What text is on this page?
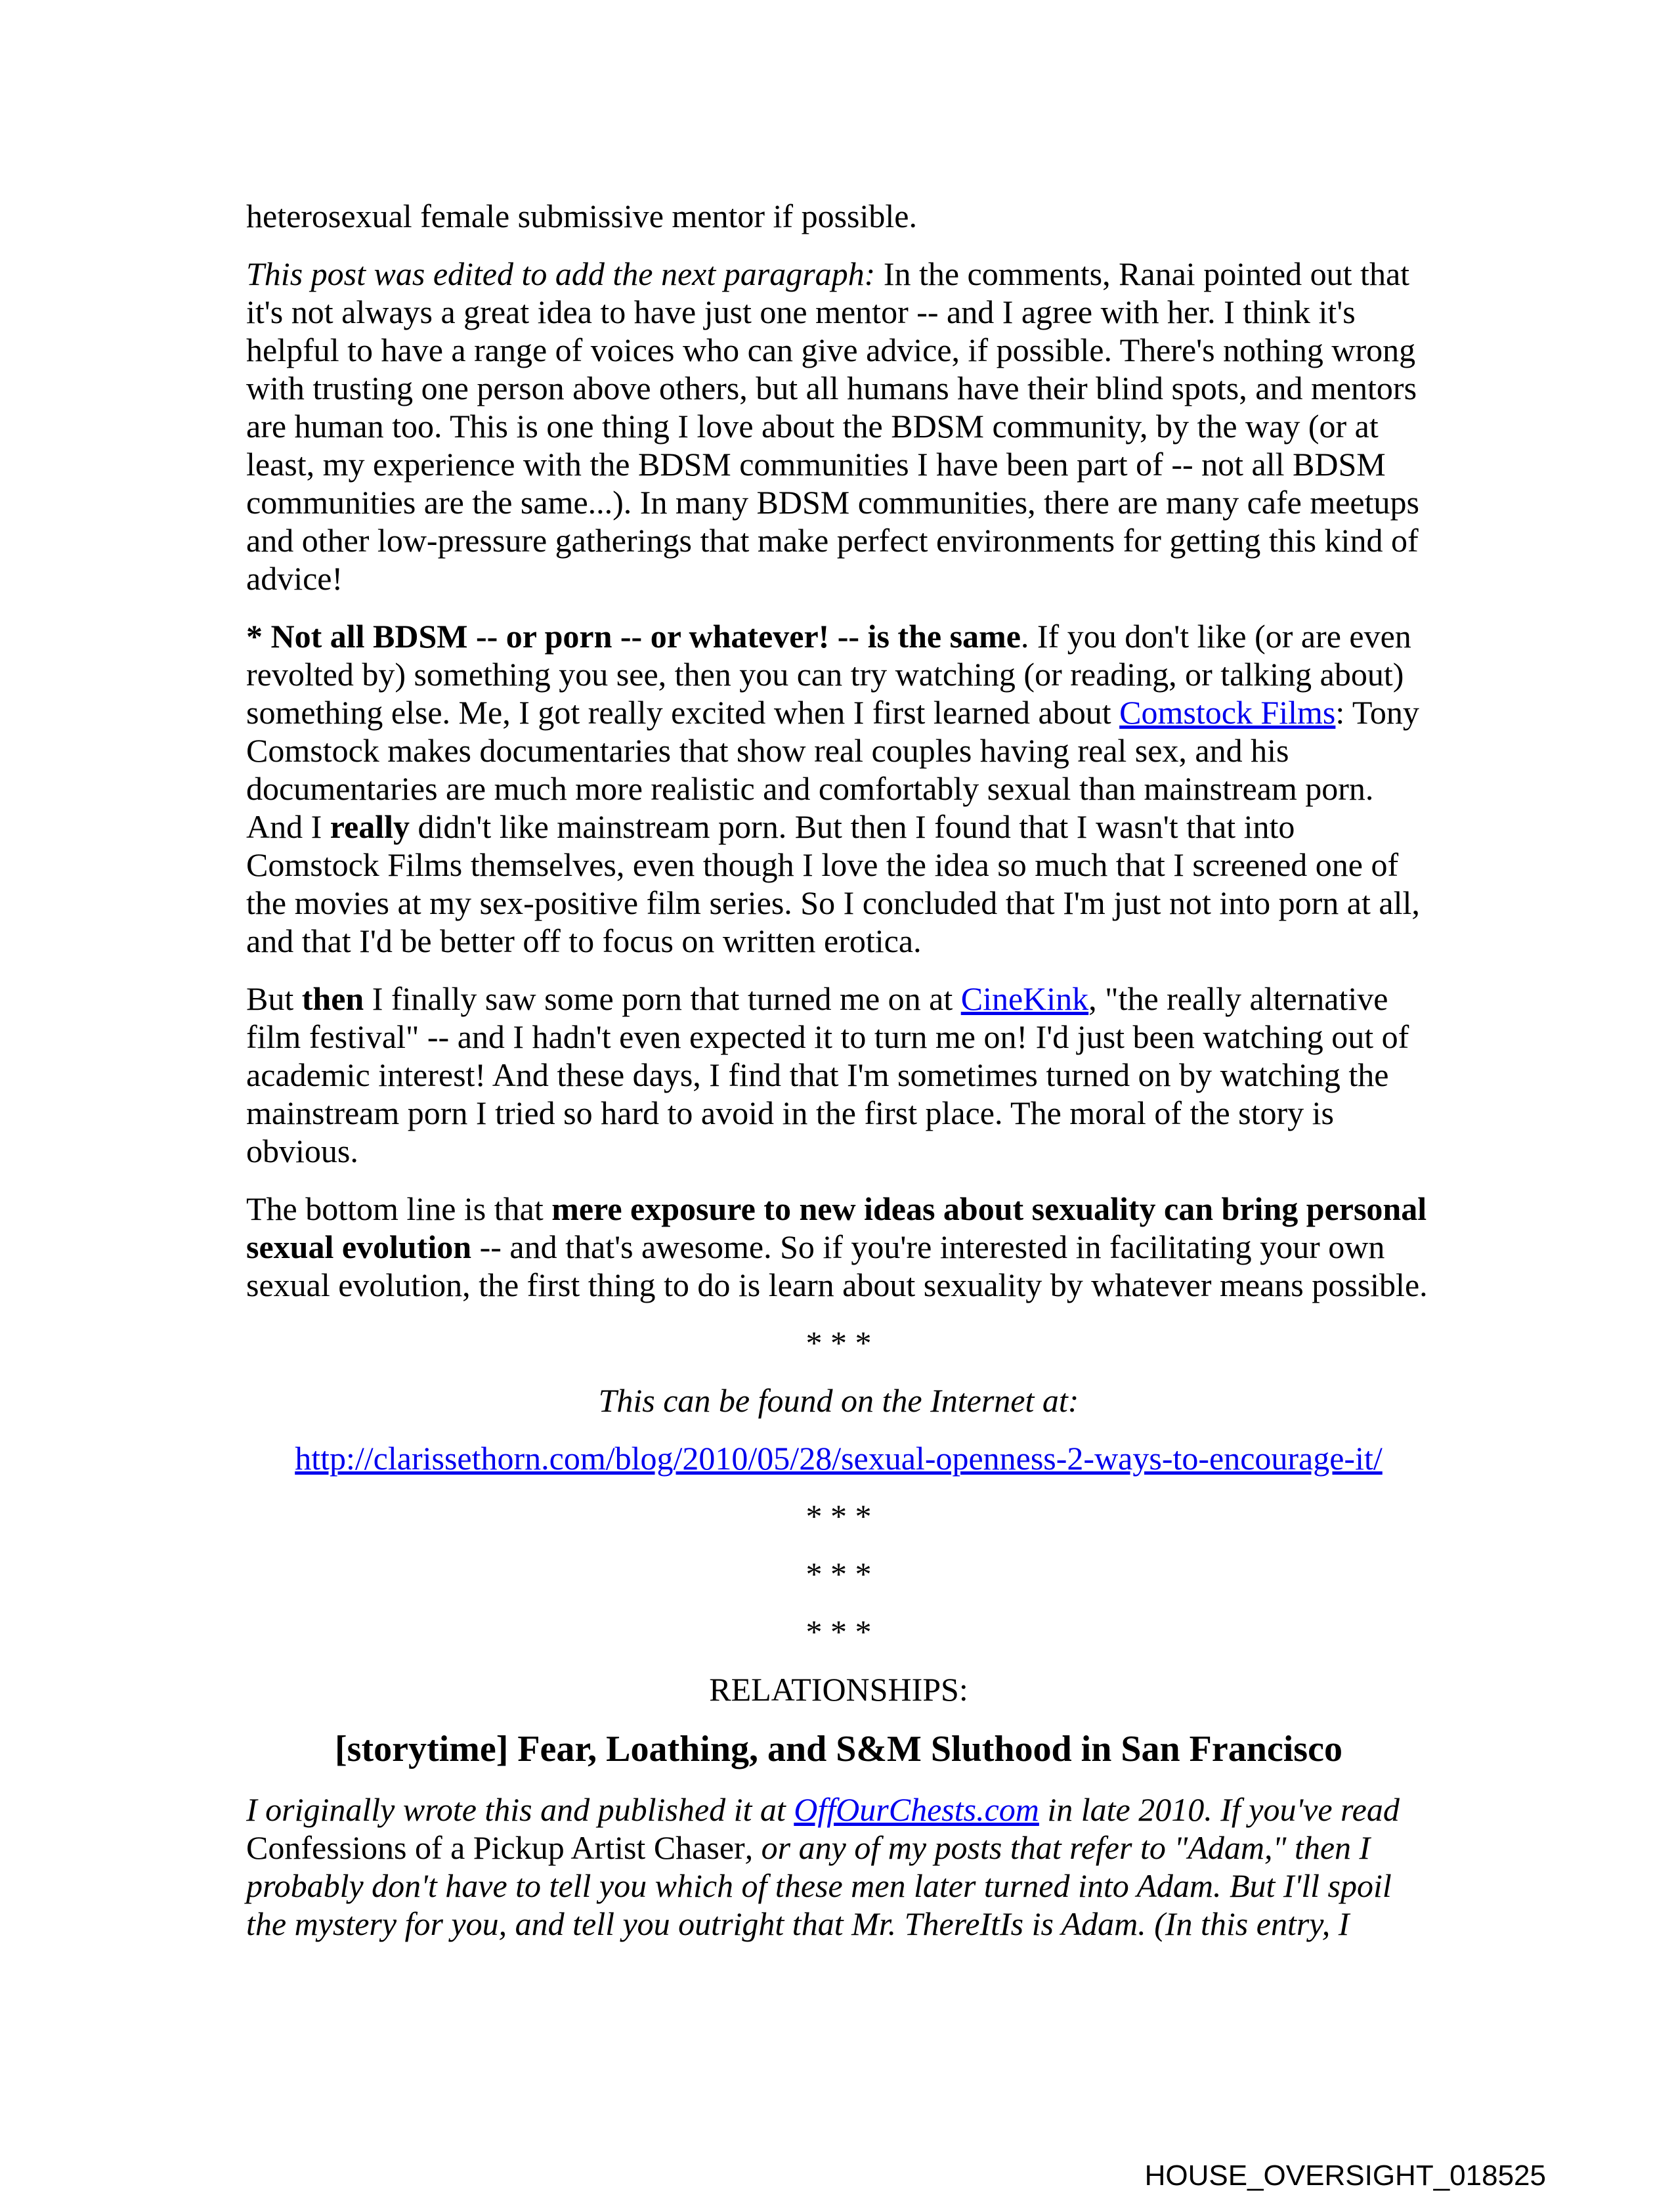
heterosexual female submissive mentor if possible.

This post was edited to add the next paragraph: In the comments, Ranai pointed out that it's not always a great idea to have just one mentor -- and I agree with her. I think it's helpful to have a range of voices who can give advice, if possible. There's nothing wrong with trusting one person above others, but all humans have their blind spots, and mentors are human too. This is one thing I love about the BDSM community, by the way (or at least, my experience with the BDSM communities I have been part of -- not all BDSM communities are the same...). In many BDSM communities, there are many cafe meetups and other low-pressure gatherings that make perfect environments for getting this kind of advice!

* Not all BDSM -- or porn -- or whatever! -- is the same. If you don't like (or are even revolted by) something you see, then you can try watching (or reading, or talking about) something else. Me, I got really excited when I first learned about Comstock Films: Tony Comstock makes documentaries that show real couples having real sex, and his documentaries are much more realistic and comfortably sexual than mainstream porn. And I really didn't like mainstream porn. But then I found that I wasn't that into Comstock Films themselves, even though I love the idea so much that I screened one of the movies at my sex-positive film series. So I concluded that I'm just not into porn at all, and that I'd be better off to focus on written erotica.

But then I finally saw some porn that turned me on at CineKink, "the really alternative film festival" -- and I hadn't even expected it to turn me on! I'd just been watching out of academic interest! And these days, I find that I'm sometimes turned on by watching the mainstream porn I tried so hard to avoid in the first place. The moral of the story is obvious.

The bottom line is that mere exposure to new ideas about sexuality can bring personal sexual evolution -- and that's awesome. So if you're interested in facilitating your own sexual evolution, the first thing to do is learn about sexuality by whatever means possible.

* * *

This can be found on the Internet at:

http://clarissethorn.com/blog/2010/05/28/sexual-openness-2-ways-to-encourage-it/

* * *

* * *

* * *

RELATIONSHIPS:

[storytime] Fear, Loathing, and S&M Sluthood in San Francisco

I originally wrote this and published it at OffOurChests.com in late 2010. If you've read Confessions of a Pickup Artist Chaser, or any of my posts that refer to "Adam," then I probably don't have to tell you which of these men later turned into Adam. But I'll spoil the mystery for you, and tell you outright that Mr. ThereItIs is Adam. (In this entry, I

HOUSE_OVERSIGHT_018525
